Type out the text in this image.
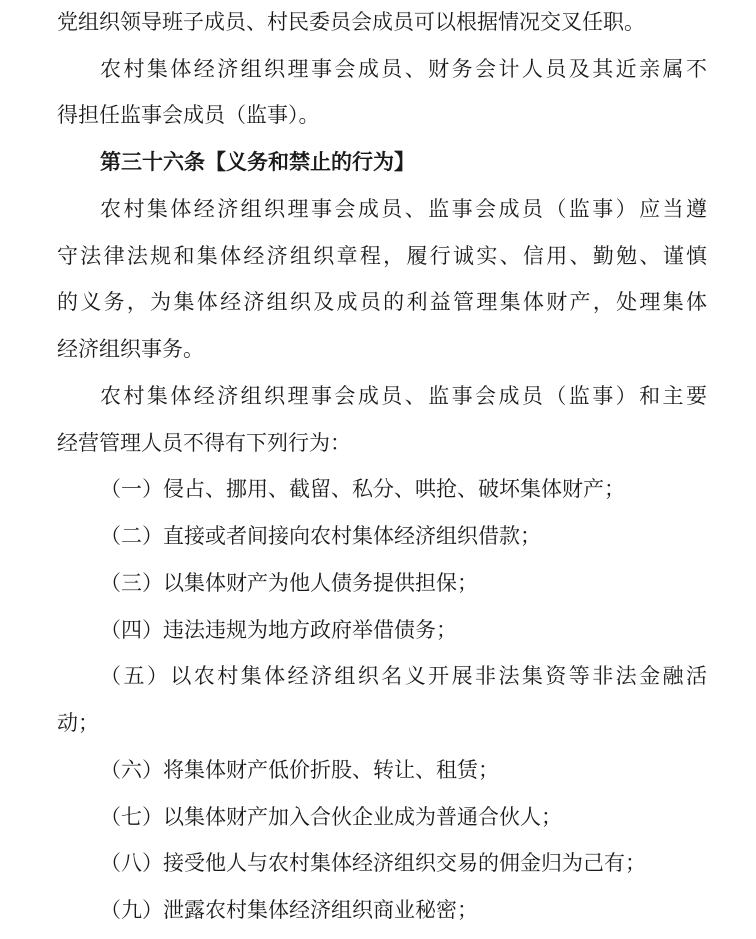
党组织领导班子成员、村民委员会成员可以根据情况交叉任职。
农村集体经济组织理事会成员、财务会计人员及其近亲属不
得担任监事会成员（监事）。
第三十六条【义务和禁止的行为】
农村集体经济组织理事会成员、监事会成员（监事）应当遵
守法律法规和集体经济组织章程，履行诚实、信用、勤勉、谨慎
的义务，为集体经济组织及成员的利益管理集体财产，处理集体
经济组织事务。
农村集体经济组织理事会成员、监事会成员（监事）和主要
经营管理人员不得有下列行为：
（一）侵占、挪用、截留、私分、哄抢、破坏集体财产；
（二）直接或者间接向农村集体经济组织借款；
（三）以集体财产为他人债务提供担保；
（四）违法违规为地方政府举借债务；
（五）以农村集体经济组织名义开展非法集资等非法金融活
动；
（六）将集体财产低价折股、转让、租赁；
（七）以集体财产加入合伙企业成为普通合伙人；
（八）接受他人与农村集体经济组织交易的佣金归为己有；
（九）泄露农村集体经济组织商业秘密；
